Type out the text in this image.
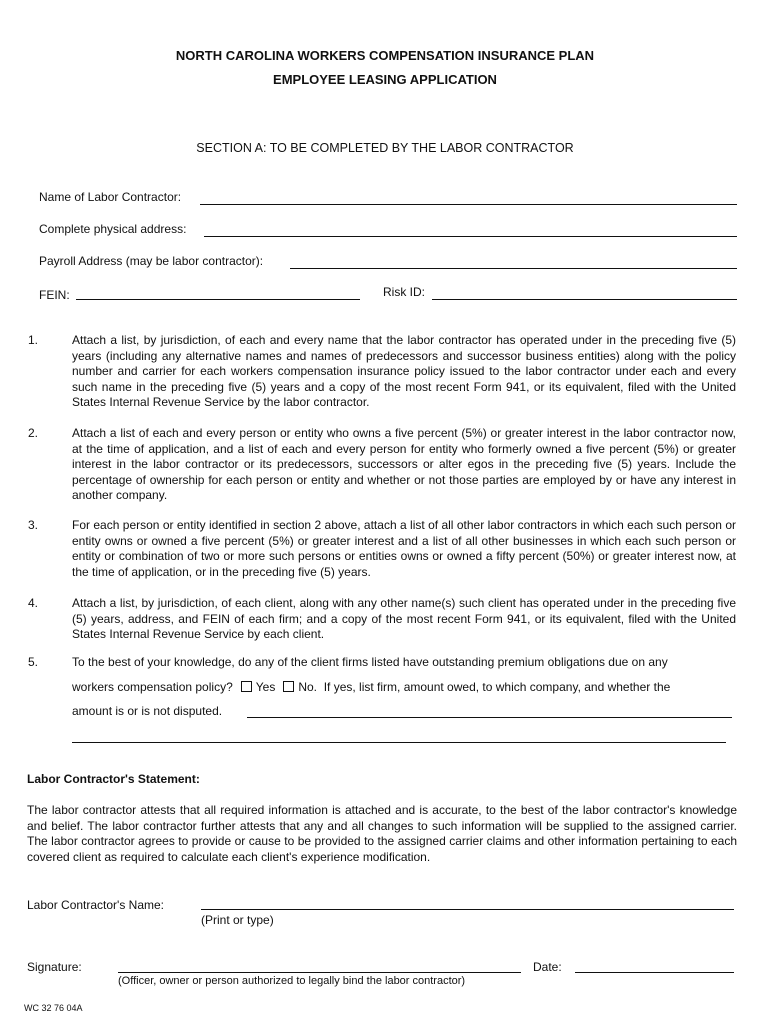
NORTH CAROLINA WORKERS COMPENSATION INSURANCE PLAN
EMPLOYEE LEASING APPLICATION
SECTION A: TO BE COMPLETED BY THE LABOR CONTRACTOR
Name of Labor Contractor:
Complete physical address:
Payroll Address (may be labor contractor):
FEIN:	Risk ID:
1.	Attach a list, by jurisdiction, of each and every name that the labor contractor has operated under in the preceding five (5) years (including any alternative names and names of predecessors and successor business entities) along with the policy number and carrier for each workers compensation insurance policy issued to the labor contractor under each and every such name in the preceding five (5) years and a copy of the most recent Form 941, or its equivalent, filed with the United States Internal Revenue Service by the labor contractor.
2.	Attach a list of each and every person or entity who owns a five percent (5%) or greater interest in the labor contractor now, at the time of application, and a list of each and every person for entity who formerly owned a five percent (5%) or greater interest in the labor contractor or its predecessors, successors or alter egos in the preceding five (5) years. Include the percentage of ownership for each person or entity and whether or not those parties are employed by or have any interest in another company.
3.	For each person or entity identified in section 2 above, attach a list of all other labor contractors in which each such person or entity owns or owned a five percent (5%) or greater interest and a list of all other businesses in which each such person or entity or combination of two or more such persons or entities owns or owned a fifty percent (50%) or greater interest now, at the time of application, or in the preceding five (5) years.
4.	Attach a list, by jurisdiction, of each client, along with any other name(s) such client has operated under in the preceding five (5) years, address, and FEIN of each firm; and a copy of the most recent Form 941, or its equivalent, filed with the United States Internal Revenue Service by each client.
5.	To the best of your knowledge, do any of the client firms listed have outstanding premium obligations due on any
workers compensation policy? Yes No. If yes, list firm, amount owed, to which company, and whether the
amount is or is not disputed.
Labor Contractor's Statement:
The labor contractor attests that all required information is attached and is accurate, to the best of the labor contractor's knowledge and belief. The labor contractor further attests that any and all changes to such information will be supplied to the assigned carrier. The labor contractor agrees to provide or cause to be provided to the assigned carrier claims and other information pertaining to each covered client as required to calculate each client's experience modification.
Labor Contractor's Name:
(Print or type)
Signature:
(Officer, owner or person authorized to legally bind the labor contractor)
Date:
WC 32 76 04A
